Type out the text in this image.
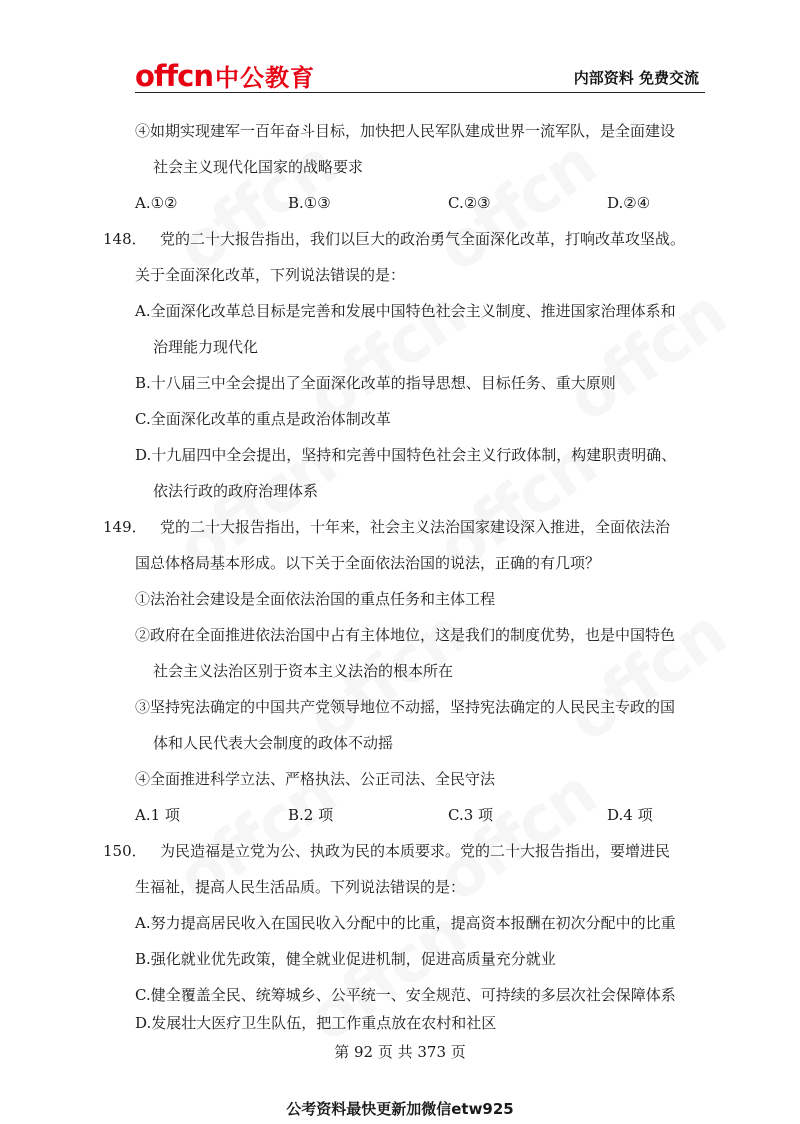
offcn 中公教育	内部资料 免费交流
④如期实现建军一百年奋斗目标，加快把人民军队建成世界一流军队，是全面建设
社会主义现代化国家的战略要求
A.①②	B.①③	C.②③	D.②④
148． 党的二十大报告指出，我们以巨大的政治勇气全面深化改革，打响改革攻坚战。
关于全面深化改革，下列说法错误的是：
A.全面深化改革总目标是完善和发展中国特色社会主义制度、推进国家治理体系和
治理能力现代化
B.十八届三中全会提出了全面深化改革的指导思想、目标任务、重大原则
C.全面深化改革的重点是政治体制改革
D.十九届四中全会提出，坚持和完善中国特色社会主义行政体制，构建职责明确、
依法行政的政府治理体系
149． 党的二十大报告指出，十年来，社会主义法治国家建设深入推进，全面依法治
国总体格局基本形成。以下关于全面依法治国的说法，正确的有几项？
①法治社会建设是全面依法治国的重点任务和主体工程
②政府在全面推进依法治国中占有主体地位，这是我们的制度优势，也是中国特色
社会主义法治区别于资本主义法治的根本所在
③坚持宪法确定的中国共产党领导地位不动摇，坚持宪法确定的人民民主专政的国
体和人民代表大会制度的政体不动摇
④全面推进科学立法、严格执法、公正司法、全民守法
A.1 项	B.2 项	C.3 项	D.4 项
150． 为民造福是立党为公、执政为民的本质要求。党的二十大报告指出，要增进民
生福祉，提高人民生活品质。下列说法错误的是：
A.努力提高居民收入在国民收入分配中的比重，提高资本报酬在初次分配中的比重
B.强化就业优先政策，健全就业促进机制，促进高质量充分就业
C.健全覆盖全民、统筹城乡、公平统一、安全规范、可持续的多层次社会保障体系
D.发展壮大医疗卫生队伍，把工作重点放在农村和社区
第 92 页 共 373 页
公考资料最快更新加微信etw925
